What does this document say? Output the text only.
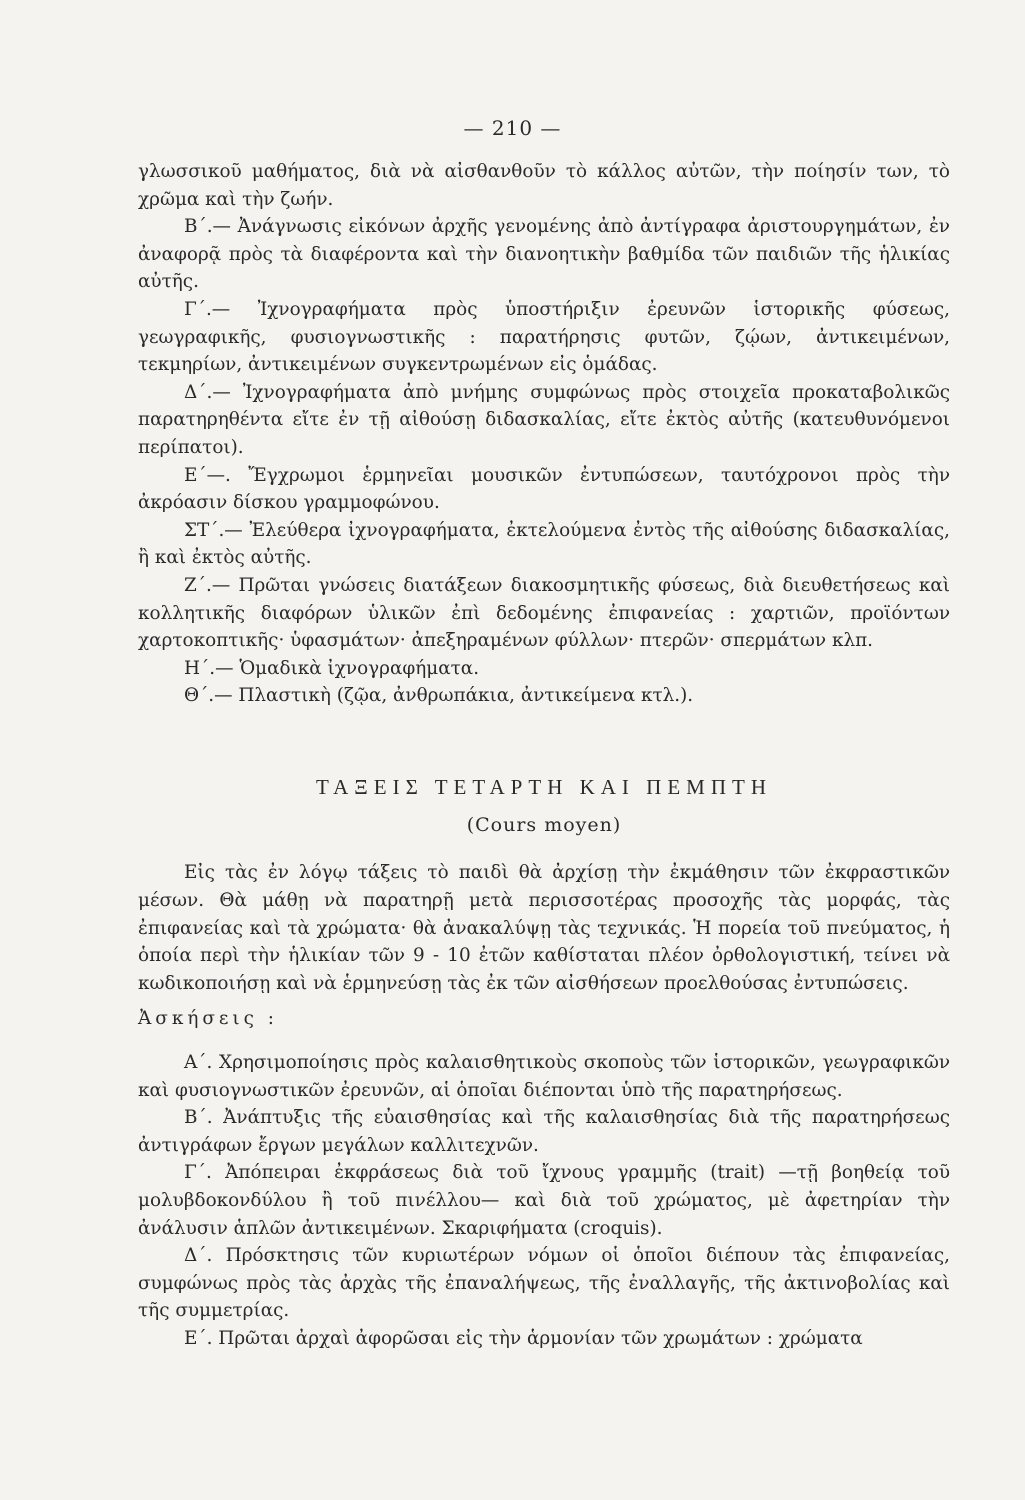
— 210 —

γλωσσικοῦ μαθήματος, διὰ νὰ αἰσθανθοῦν τὸ κάλλος αὐτῶν, τὴν ποίησίν των, τὸ χρῶμα καὶ τὴν ζωήν.

Β΄.— Ἀνάγνωσις εἰκόνων ἀρχῆς γενομένης ἀπὸ ἀντίγραφα ἀριστουργημάτων, ἐν ἀναφορᾷ πρὸς τὰ διαφέροντα καὶ τὴν διανοητικὴν βαθμίδα τῶν παιδιῶν τῆς ἡλικίας αὐτῆς.

Γ΄.— Ἰχνογραφήματα πρὸς ὑποστήριξιν ἐρευνῶν ἱστορικῆς φύσεως, γεωγραφικῆς, φυσιογνωστικῆς : παρατήρησις φυτῶν, ζῴων, ἀντικειμένων, τεκμηρίων, ἀντικειμένων συγκεντρωμένων εἰς ὁμάδας.

Δ΄.— Ἰχνογραφήματα ἀπὸ μνήμης συμφώνως πρὸς στοιχεῖα προκαταβολικῶς παρατηρηθέντα εἴτε ἐν τῇ αἰθούσῃ διδασκαλίας, εἴτε ἐκτὸς αὐτῆς (κατευθυνόμενοι περίπατοι).

Ε΄—. Ἔγχρωμοι ἑρμηνεῖαι μουσικῶν ἐντυπώσεων, ταυτόχρονοι πρὸς τὴν ἀκρόασιν δίσκου γραμμοφώνου.

ΣΤ΄.— Ἐλεύθερα ἰχνογραφήματα, ἐκτελούμενα ἐντὸς τῆς αἰθούσης διδασκαλίας, ἢ καὶ ἐκτὸς αὐτῆς.

Ζ΄.— Πρῶται γνώσεις διατάξεων διακοσμητικῆς φύσεως, διὰ διευθετήσεως καὶ κολλητικῆς διαφόρων ὑλικῶν ἐπὶ δεδομένης ἐπιφανείας : χαρτιῶν, προϊόντων χαρτοκοπτικῆς· ὑφασμάτων· ἀπεξηραμένων φύλλων· πτερῶν· σπερμάτων κλπ.

Η΄.— Ὁμαδικὰ ἰχνογραφήματα.

Θ΄.— Πλαστικὴ (ζῷα, ἀνθρωπάκια, ἀντικείμενα κτλ.).

ΤΑΞΕΙΣ ΤΕΤΑΡΤΗ ΚΑΙ ΠΕΜΠΤΗ

(Cours moyen)

Εἰς τὰς ἐν λόγῳ τάξεις τὸ παιδὶ θὰ ἀρχίσῃ τὴν ἐκμάθησιν τῶν ἐκφραστικῶν μέσων. Θὰ μάθῃ νὰ παρατηρῇ μετὰ περισσοτέρας προσοχῆς τὰς μορφάς, τὰς ἐπιφανείας καὶ τὰ χρώματα· θὰ ἀνακαλύψῃ τὰς τεχνικάς. Ἡ πορεία τοῦ πνεύματος, ἡ ὁποία περὶ τὴν ἡλικίαν τῶν 9 - 10 ἐτῶν καθίσταται πλέον ὀρθολογιστική, τείνει νὰ κωδικοποιήσῃ καὶ νὰ ἑρμηνεύσῃ τὰς ἐκ τῶν αἰσθήσεων προελθούσας ἐντυπώσεις.

Ἀσκήσεις :

Α΄. Χρησιμοποίησις πρὸς καλαισθητικοὺς σκοποὺς τῶν ἱστορικῶν, γεωγραφικῶν καὶ φυσιογνωστικῶν ἐρευνῶν, αἱ ὁποῖαι διέπονται ὑπὸ τῆς παρατηρήσεως.

Β΄. Ἀνάπτυξις τῆς εὐαισθησίας καὶ τῆς καλαισθησίας διὰ τῆς παρατηρήσεως ἀντιγράφων ἔργων μεγάλων καλλιτεχνῶν.

Γ΄. Ἀπόπειραι ἐκφράσεως διὰ τοῦ ἴχνους γραμμῆς (trait) —τῇ βοηθείᾳ τοῦ μολυβδοκονδύλου ἢ τοῦ πινέλλου— καὶ διὰ τοῦ χρώματος, μὲ ἀφετηρίαν τὴν ἀνάλυσιν ἁπλῶν ἀντικειμένων. Σκαριφήματα (croquis).

Δ΄. Πρόσκτησις τῶν κυριωτέρων νόμων οἱ ὁποῖοι διέπουν τὰς ἐπιφανείας, συμφώνως πρὸς τὰς ἀρχὰς τῆς ἐπαναλήψεως, τῆς ἐναλλαγῆς, τῆς ἀκτινοβολίας καὶ τῆς συμμετρίας.

Ε΄. Πρῶται ἀρχαὶ ἀφορῶσαι εἰς τὴν ἁρμονίαν τῶν χρωμάτων : χρώματα
